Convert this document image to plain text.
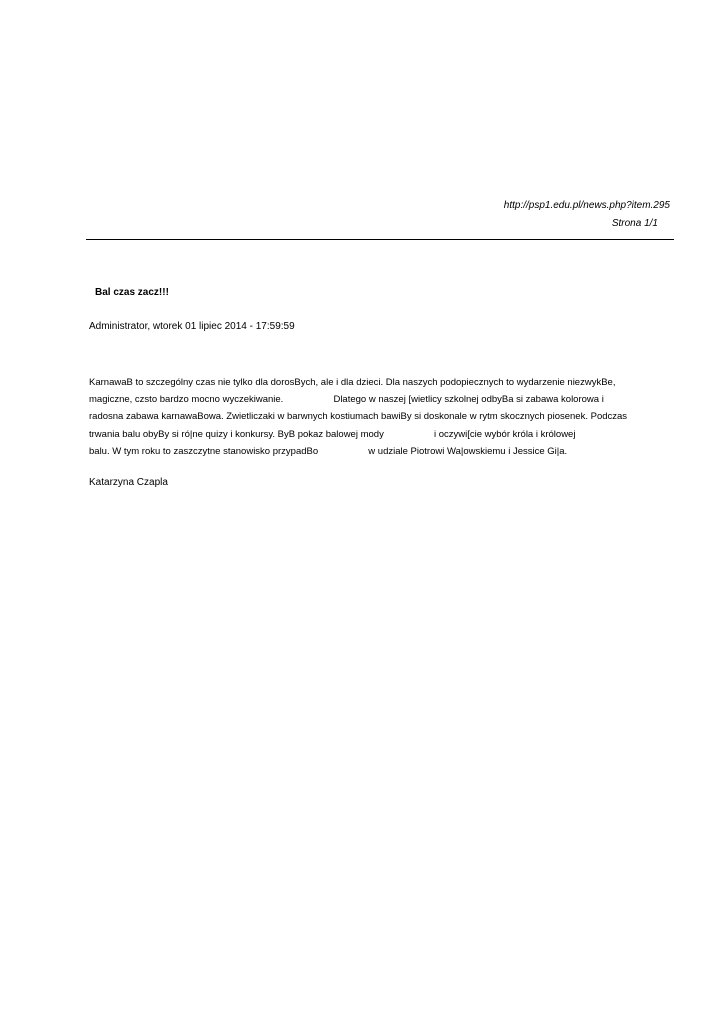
http://psp1.edu.pl/news.php?item.295
Strona 1/1
Bal czas zacz!!!
Administrator, wtorek 01 lipiec 2014 - 17:59:59
KarnawaB to szczególny czas nie tylko dla dorosBych, ale i dla dzieci. Dla naszych podopiecznych to wydarzenie niezwykBe,
magiczne, czsto bardzo mocno wyczekiwanie.                   Dlatego w naszej [wietlicy szkolnej odbyBa si zabawa kolorowa i
radosna zabawa karnawaBowa. Zwietliczaki w barwnych kostiumach bawiBy si doskonale w rytm skocznych piosenek. Podczas
trwania balu obyBy si ró|ne quizy i konkursy. ByB pokaz balowej mody                   i oczywi[cie wybór króla i królowej
balu. W tym roku to zaszczytne stanowisko przypadBo                   w udziale Piotrowi Wa|owskiemu i Jessice Gi|a.
Katarzyna Czapla
